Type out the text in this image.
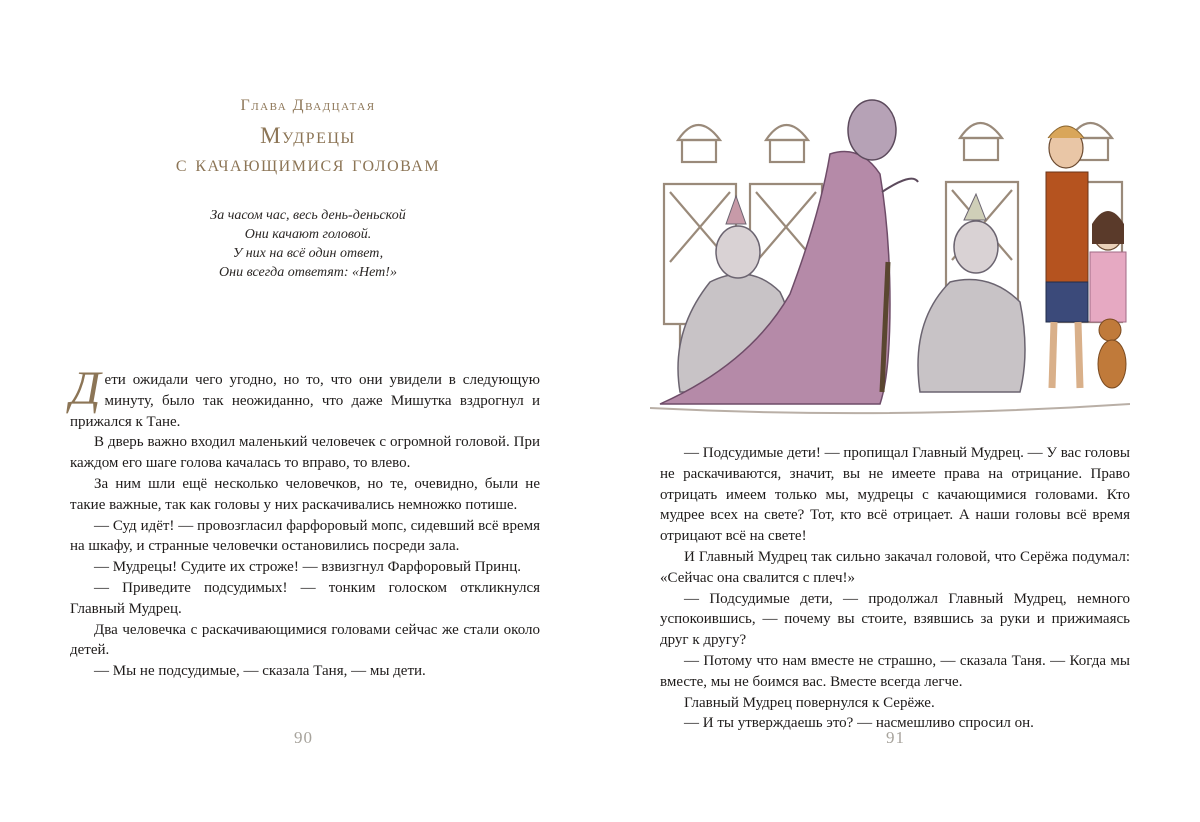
Глава Двадцатая
Мудрецы
с качающимися головам
За часом час, весь день-деньской
Они качают головой.
У них на всё один ответ,
Они всегда ответят: «Нет!»

Дети ожидали чего угодно, но то, что они увидели в следующую минуту, было так неожиданно, что даже Мишутка вздрогнул и прижался к Тане.

В дверь важно входил маленький человечек с огромной головой. При каждом его шаге голова качалась то вправо, то влево.

За ним шли ещё несколько человечков, но те, очевидно, были не такие важные, так как головы у них раскачивались немножко потише.

— Суд идёт! — провозгласил фарфоровый мопс, сидевший всё время на шкафу, и странные человечки остановились посреди зала.

— Мудрецы! Судите их строже! — взвизгнул Фарфоровый Принц.

— Приведите подсудимых! — тонким голоском откликнулся Главный Мудрец.

Два человечка с раскачивающимися головами сейчас же стали около детей.

— Мы не подсудимые, — сказала Таня, — мы дети.

90

— Подсудимые дети! — пропищал Главный Мудрец. — У вас головы не раскачиваются, значит, вы не имеете права на отрицание. Право отрицать имеем только мы, мудрецы с качающимися головами. Кто мудрее всех на свете? Тот, кто всё отрицает. А наши головы всё время отрицают всё на свете!

И Главный Мудрец так сильно закачал головой, что Серёжа подумал: «Сейчас она свалится с плеч!»

— Подсудимые дети, — продолжал Главный Мудрец, немного успокоившись, — почему вы стоите, взявшись за руки и прижимаясь друг к другу?

— Потому что нам вместе не страшно, — сказала Таня. — Когда мы вместе, мы не боимся вас. Вместе всегда легче.

Главный Мудрец повернулся к Серёже.

— И ты утверждаешь это? — насмешливо спросил он.

91
